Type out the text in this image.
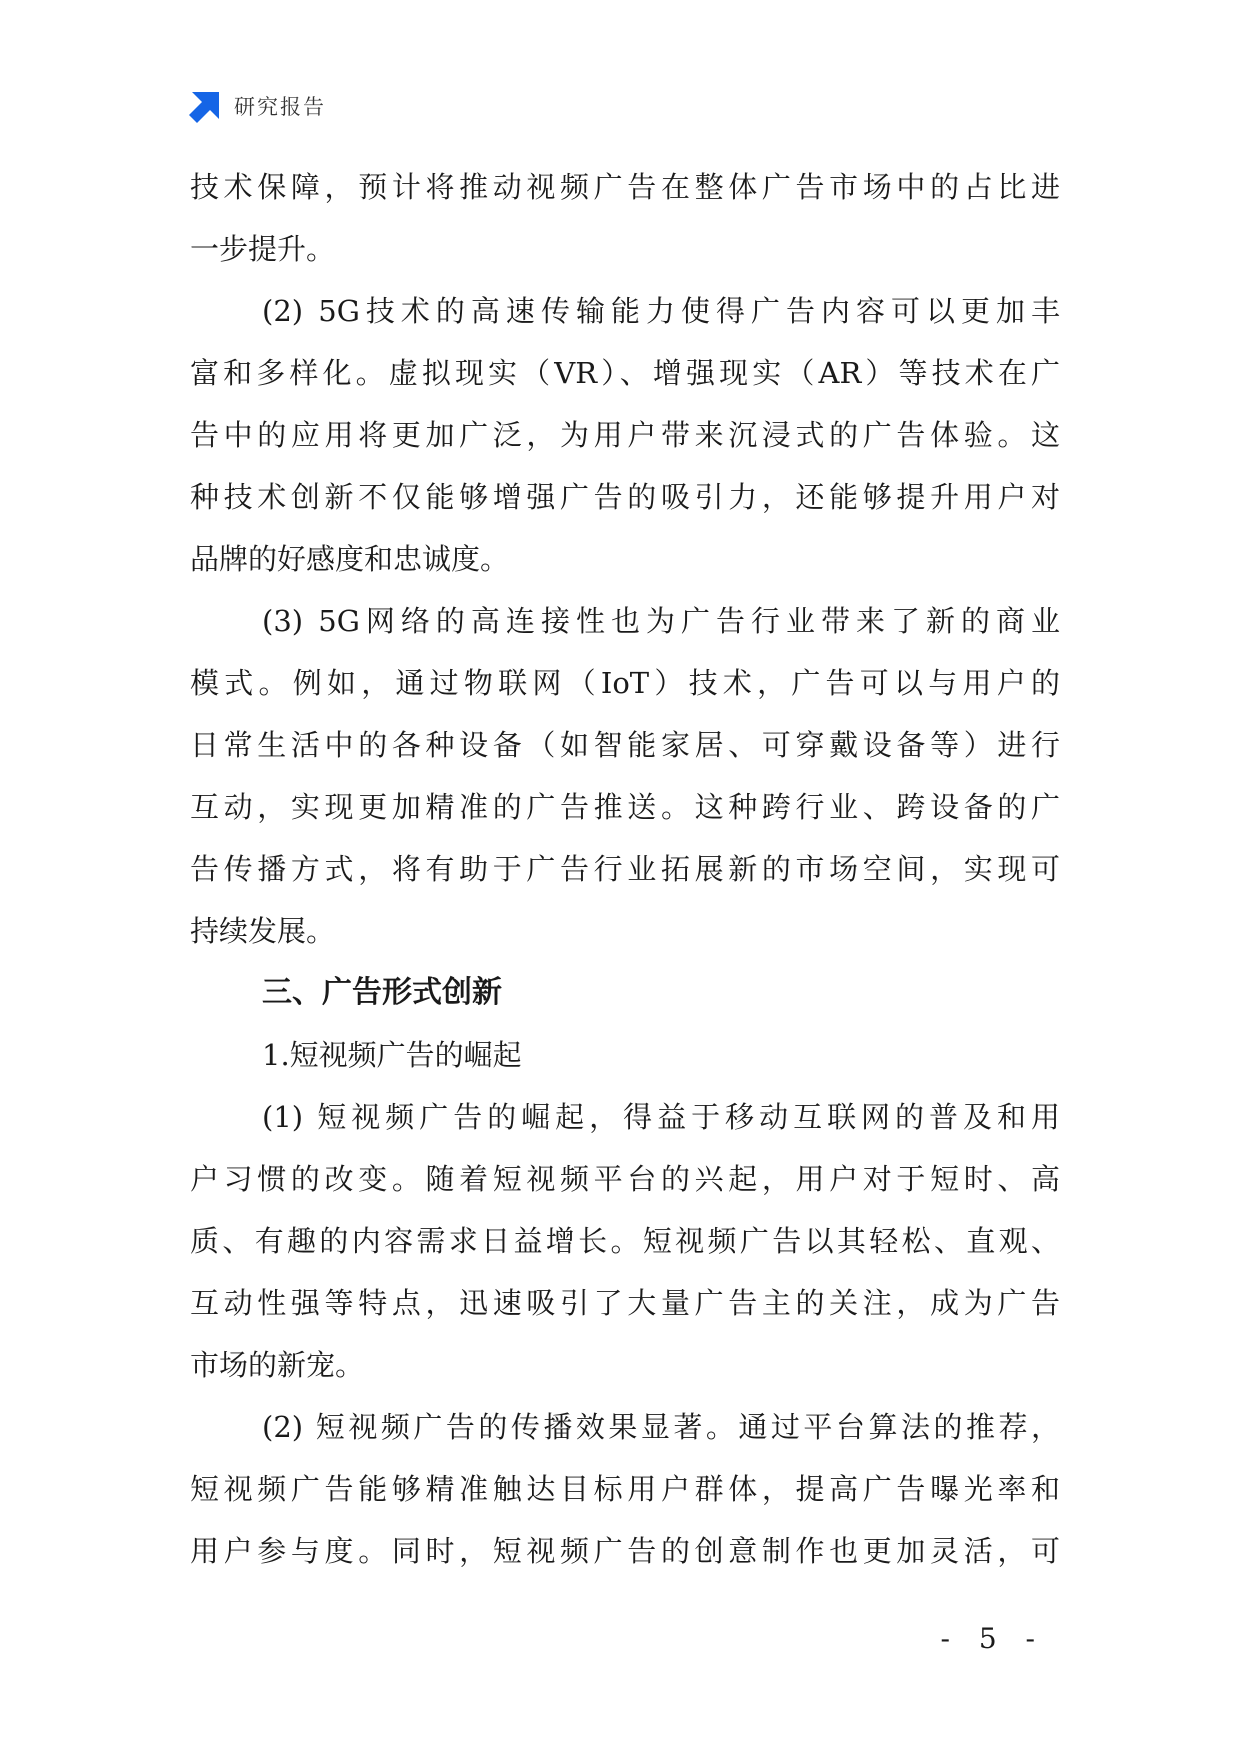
研究报告
技术保障，预计将推动视频广告在整体广告市场中的占比进
一步提升。
(2) 5G技术的高速传输能力使得广告内容可以更加丰
富和多样化。虚拟现实（VR）、增强现实（AR）等技术在广
告中的应用将更加广泛，为用户带来沉浸式的广告体验。这
种技术创新不仅能够增强广告的吸引力，还能够提升用户对
品牌的好感度和忠诚度。
(3) 5G网络的高连接性也为广告行业带来了新的商业
模式。例如，通过物联网（IoT）技术，广告可以与用户的
日常生活中的各种设备（如智能家居、可穿戴设备等）进行
互动，实现更加精准的广告推送。这种跨行业、跨设备的广
告传播方式，将有助于广告行业拓展新的市场空间，实现可
持续发展。
三、广告形式创新
1.短视频广告的崛起
(1) 短视频广告的崛起，得益于移动互联网的普及和用
户习惯的改变。随着短视频平台的兴起，用户对于短时、高
质、有趣的内容需求日益增长。短视频广告以其轻松、直观、
互动性强等特点，迅速吸引了大量广告主的关注，成为广告
市场的新宠。
(2) 短视频广告的传播效果显著。通过平台算法的推荐，
短视频广告能够精准触达目标用户群体，提高广告曝光率和
用户参与度。同时，短视频广告的创意制作也更加灵活，可
- 5 -
